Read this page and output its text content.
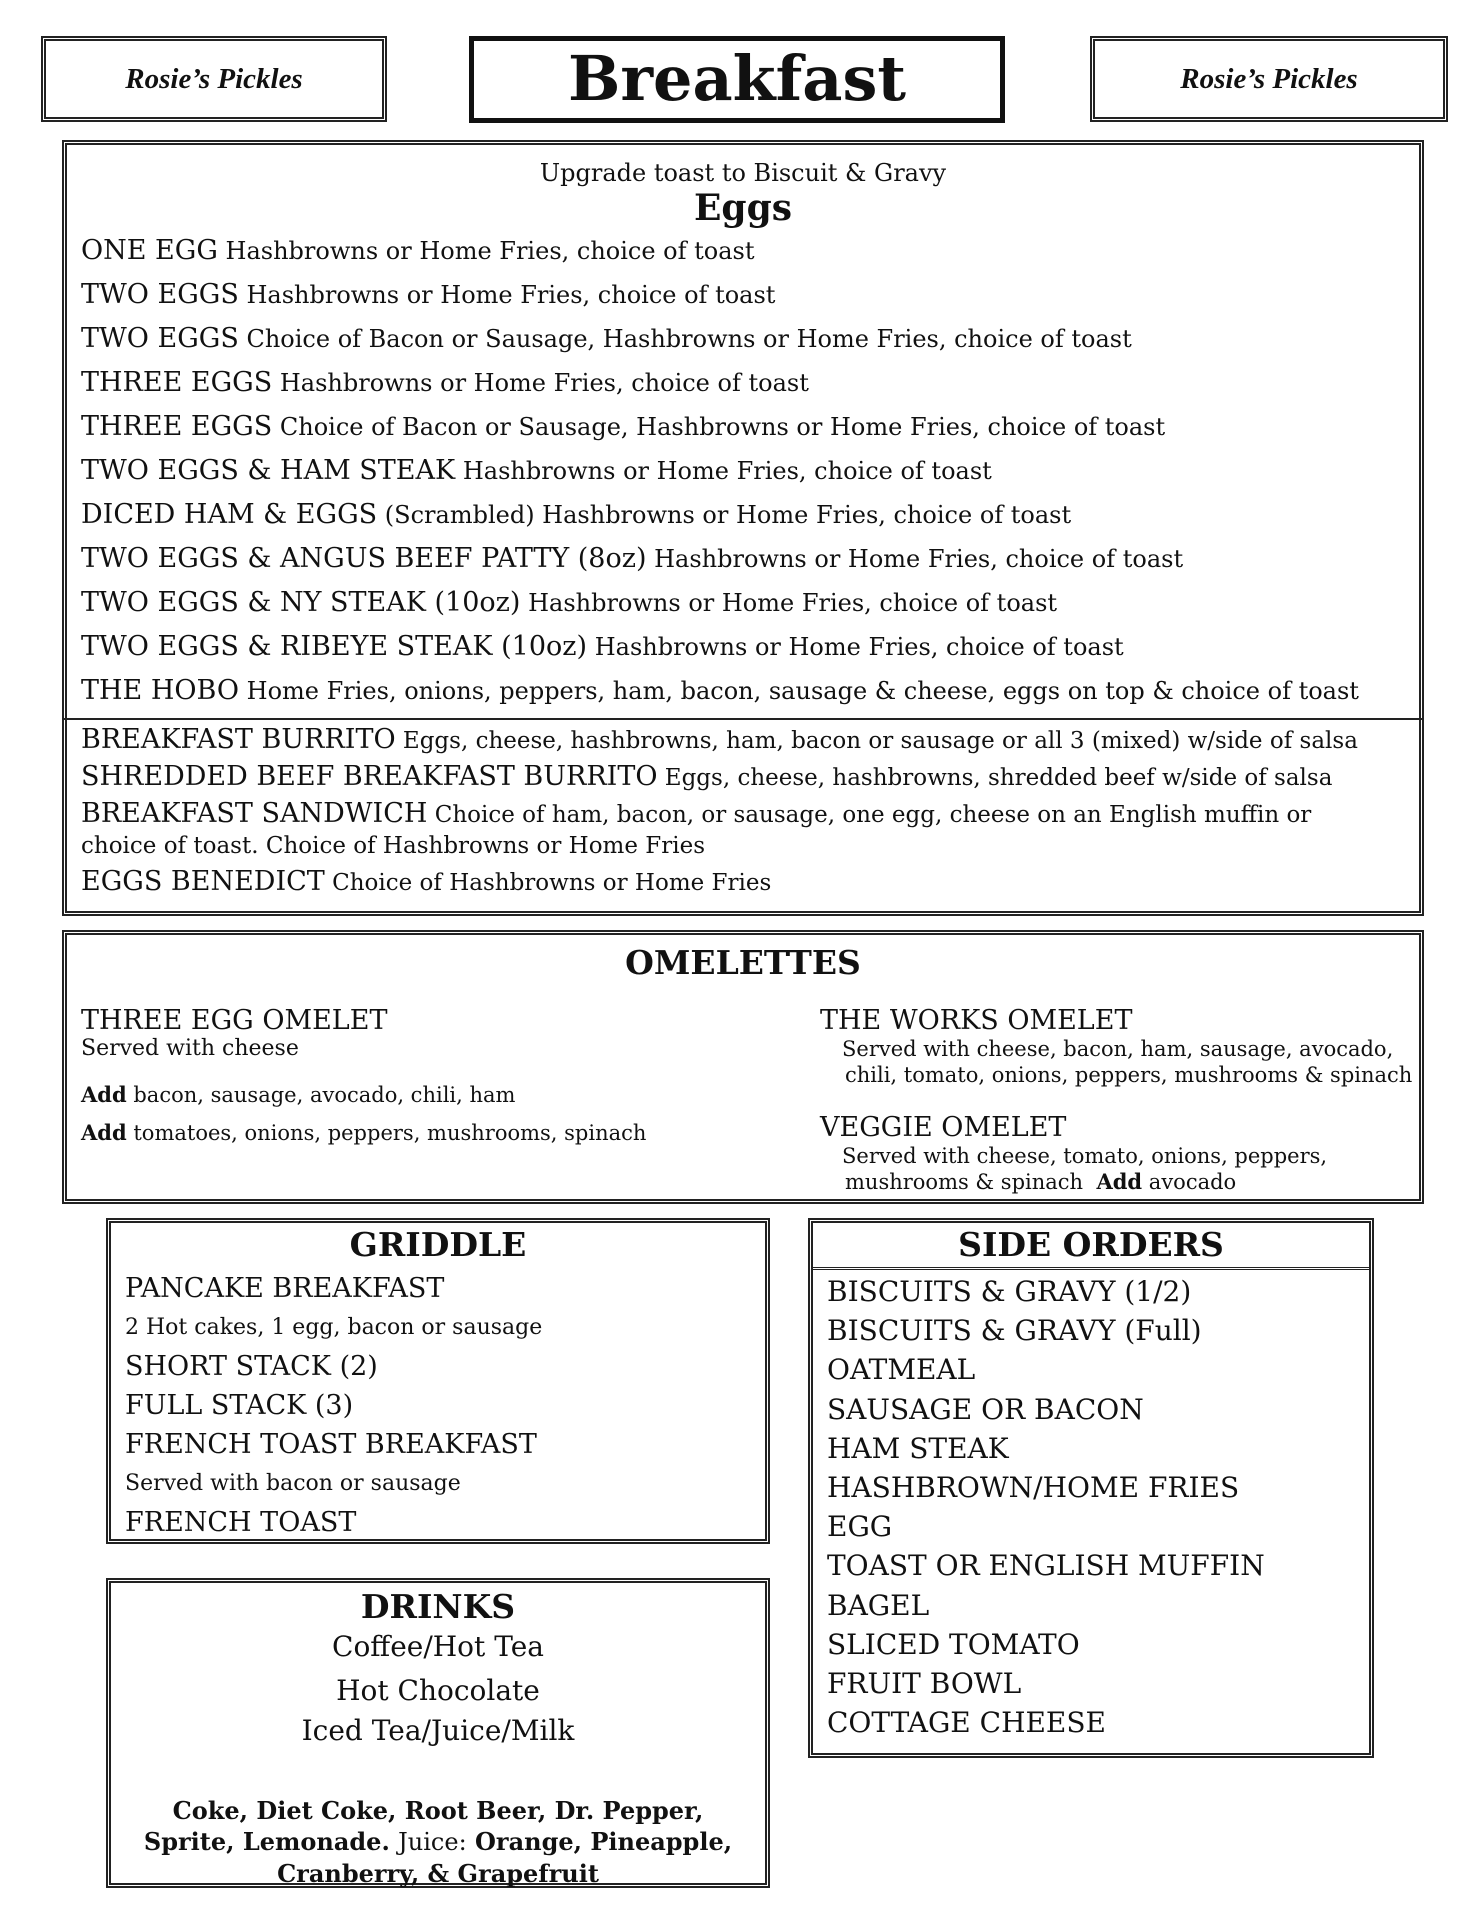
Rosie’s Pickles	Breakfast	Rosie’s Pickles
Upgrade toast to Biscuit & Gravy
Eggs
ONE EGG Hashbrowns or Home Fries, choice of toast
TWO EGGS Hashbrowns or Home Fries, choice of toast
TWO EGGS Choice of Bacon or Sausage, Hashbrowns or Home Fries, choice of toast
THREE EGGS Hashbrowns or Home Fries, choice of toast
THREE EGGS Choice of Bacon or Sausage, Hashbrowns or Home Fries, choice of toast
TWO EGGS & HAM STEAK Hashbrowns or Home Fries, choice of toast
DICED HAM & EGGS (Scrambled) Hashbrowns or Home Fries, choice of toast
TWO EGGS & ANGUS BEEF PATTY (8oz) Hashbrowns or Home Fries, choice of toast
TWO EGGS & NY STEAK (10oz) Hashbrowns or Home Fries, choice of toast
TWO EGGS & RIBEYE STEAK (10oz) Hashbrowns or Home Fries, choice of toast
THE HOBO Home Fries, onions, peppers, ham, bacon, sausage & cheese, eggs on top & choice of toast
BREAKFAST BURRITO Eggs, cheese, hashbrowns, ham, bacon or sausage or all 3 (mixed) w/side of salsa
SHREDDED BEEF BREAKFAST BURRITO Eggs, cheese, hashbrowns, shredded beef w/side of salsa
BREAKFAST SANDWICH Choice of ham, bacon, or sausage, one egg, cheese on an English muffin or
choice of toast. Choice of Hashbrowns or Home Fries
EGGS BENEDICT Choice of Hashbrowns or Home Fries
OMELETTES
THREE EGG OMELET
Served with cheese
Add bacon, sausage, avocado, chili, ham
Add tomatoes, onions, peppers, mushrooms, spinach
THE WORKS OMELET
Served with cheese, bacon, ham, sausage, avocado,
chili, tomato, onions, peppers, mushrooms & spinach
VEGGIE OMELET
Served with cheese, tomato, onions, peppers,
mushrooms & spinach Add avocado
GRIDDLE
PANCAKE BREAKFAST
2 Hot cakes, 1 egg, bacon or sausage
SHORT STACK (2)
FULL STACK (3)
FRENCH TOAST BREAKFAST
Served with bacon or sausage
FRENCH TOAST
SIDE ORDERS
BISCUITS & GRAVY (1/2)
BISCUITS & GRAVY (Full)
OATMEAL
SAUSAGE OR BACON
HAM STEAK
HASHBROWN/HOME FRIES
EGG
TOAST OR ENGLISH MUFFIN
BAGEL
SLICED TOMATO
FRUIT BOWL
COTTAGE CHEESE
DRINKS
Coffee/Hot Tea
Hot Chocolate
Iced Tea/Juice/Milk
Coke, Diet Coke, Root Beer, Dr. Pepper,
Sprite, Lemonade. Juice: Orange, Pineapple,
Cranberry, & Grapefruit
